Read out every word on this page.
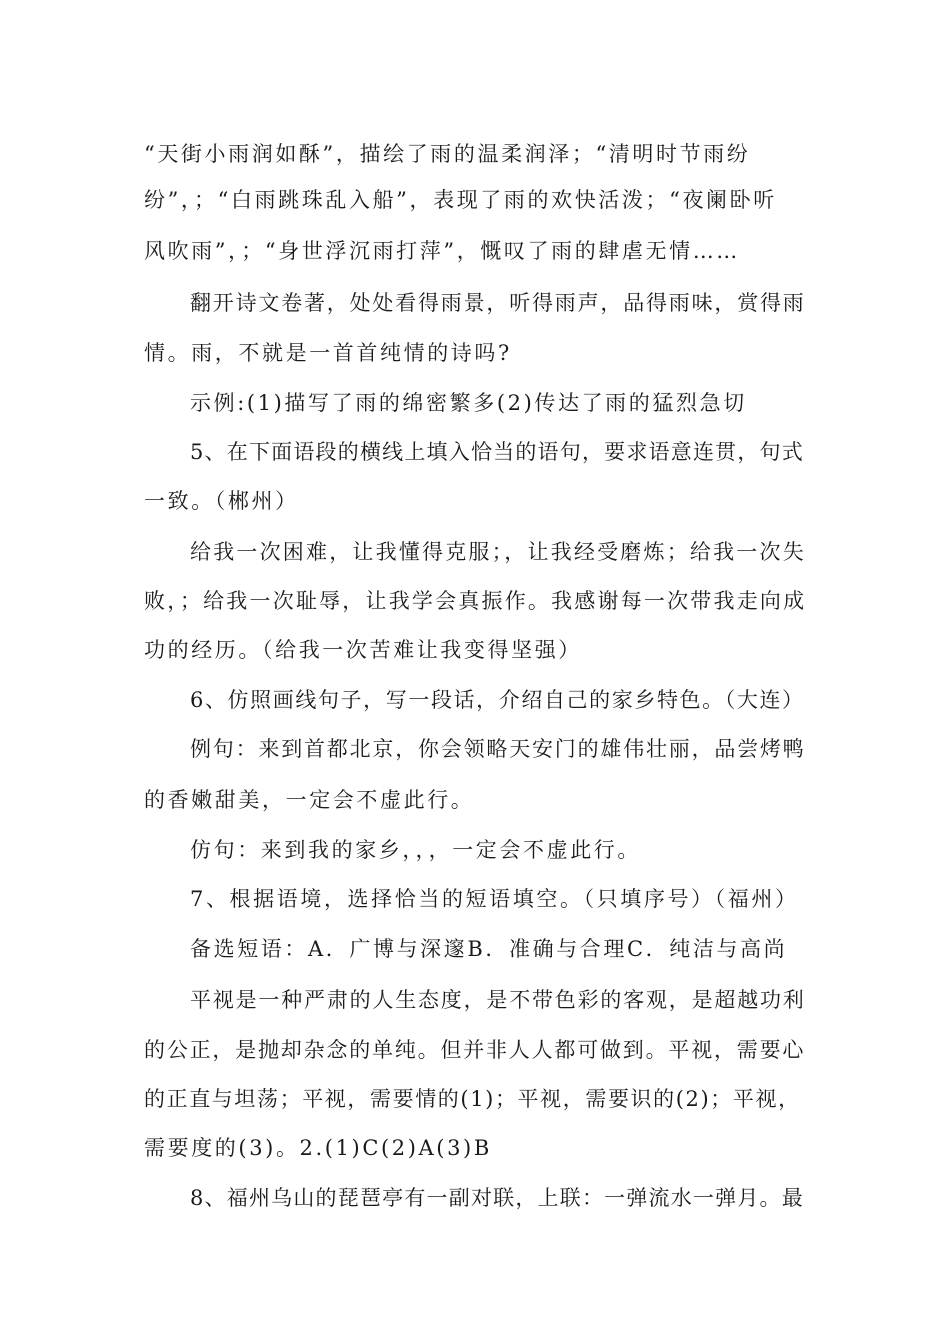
“天街小雨润如酥”，描绘了雨的温柔润泽；“清明时节雨纷
纷”，；“白雨跳珠乱入船”，表现了雨的欢快活泼；“夜阑卧听
风吹雨”，；“身世浮沉雨打萍”，慨叹了雨的肆虐无情……
翻开诗文卷著，处处看得雨景，听得雨声，品得雨味，赏得雨
情。雨，不就是一首首纯情的诗吗?
示例:(1)描写了雨的绵密繁多(2)传达了雨的猛烈急切
5、在下面语段的横线上填入恰当的语句，要求语意连贯，句式
一致。（郴州）
给我一次困难，让我懂得克服；，让我经受磨炼；给我一次失
败，；给我一次耻辱，让我学会真振作。我感谢每一次带我走向成
功的经历。（给我一次苦难让我变得坚强）
6、仿照画线句子，写一段话，介绍自己的家乡特色。（大连）
例句：来到首都北京，你会领略天安门的雄伟壮丽，品尝烤鸭
的香嫩甜美，一定会不虚此行。
仿句：来到我的家乡，，，一定会不虚此行。
7、根据语境，选择恰当的短语填空。（只填序号）（福州）
备选短语：A．广博与深邃B．准确与合理C．纯洁与高尚
平视是一种严肃的人生态度，是不带色彩的客观，是超越功利
的公正，是抛却杂念的单纯。但并非人人都可做到。平视，需要心
的正直与坦荡；平视，需要情的(1)；平视，需要识的(2)；平视，
需要度的(3)。2.(1)C(2)A(3)B
8、福州乌山的琵琶亭有一副对联，上联：一弹流水一弹月。最
